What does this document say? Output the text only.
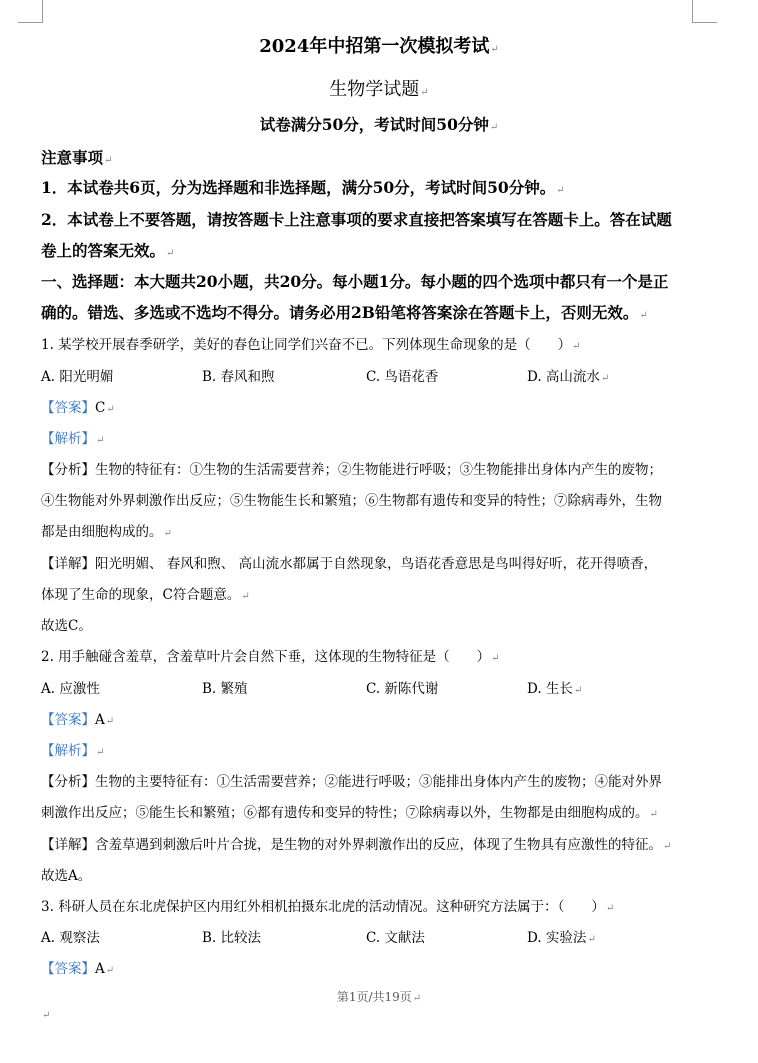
2024年中招第一次模拟考试↵
生物学试题↵
试卷满分50分，考试时间50分钟↵
注意事项↵
1．本试卷共6页，分为选择题和非选择题，满分50分，考试时间50分钟。↵
2．本试卷上不要答题，请按答题卡上注意事项的要求直接把答案填写在答题卡上。答在试题
卷上的答案无效。↵
一、选择题：本大题共20小题，共20分。每小题1分。每小题的四个选项中都只有一个是正
确的。错选、多选或不选均不得分。请务必用2B铅笔将答案涂在答题卡上，否则无效。↵
1. 某学校开展春季研学，美好的春色让同学们兴奋不已。下列体现生命现象的是（　　）↵
A. 阳光明媚	B. 春风和煦	C. 鸟语花香	D. 高山流水↵
【答案】C↵
【解析】↵
【分析】生物的特征有：①生物的生活需要营养；②生物能进行呼吸；③生物能排出身体内产生的废物；
④生物能对外界刺激作出反应；⑤生物能生长和繁殖；⑥生物都有遗传和变异的特性；⑦除病毒外，生物
都是由细胞构成的。↵
【详解】阳光明媚、 春风和煦、 高山流水都属于自然现象，鸟语花香意思是鸟叫得好听，花开得喷香，
体现了生命的现象，C符合题意。↵
故选C。
2. 用手触碰含羞草，含羞草叶片会自然下垂，这体现的生物特征是（　　）↵
A. 应激性	B. 繁殖	C. 新陈代谢	D. 生长↵
【答案】A↵
【解析】↵
【分析】生物的主要特征有：①生活需要营养；②能进行呼吸；③能排出身体内产生的废物；④能对外界
刺激作出反应；⑤能生长和繁殖；⑥都有遗传和变异的特性；⑦除病毒以外，生物都是由细胞构成的。↵
【详解】含羞草遇到刺激后叶片合拢，是生物的对外界刺激作出的反应，体现了生物具有应激性的特征。↵
故选A。
3. 科研人员在东北虎保护区内用红外相机拍摄东北虎的活动情况。这种研究方法属于：（　　）↵
A. 观察法	B. 比较法	C. 文献法	D. 实验法↵
【答案】A↵
第1页/共19页↵
↵
